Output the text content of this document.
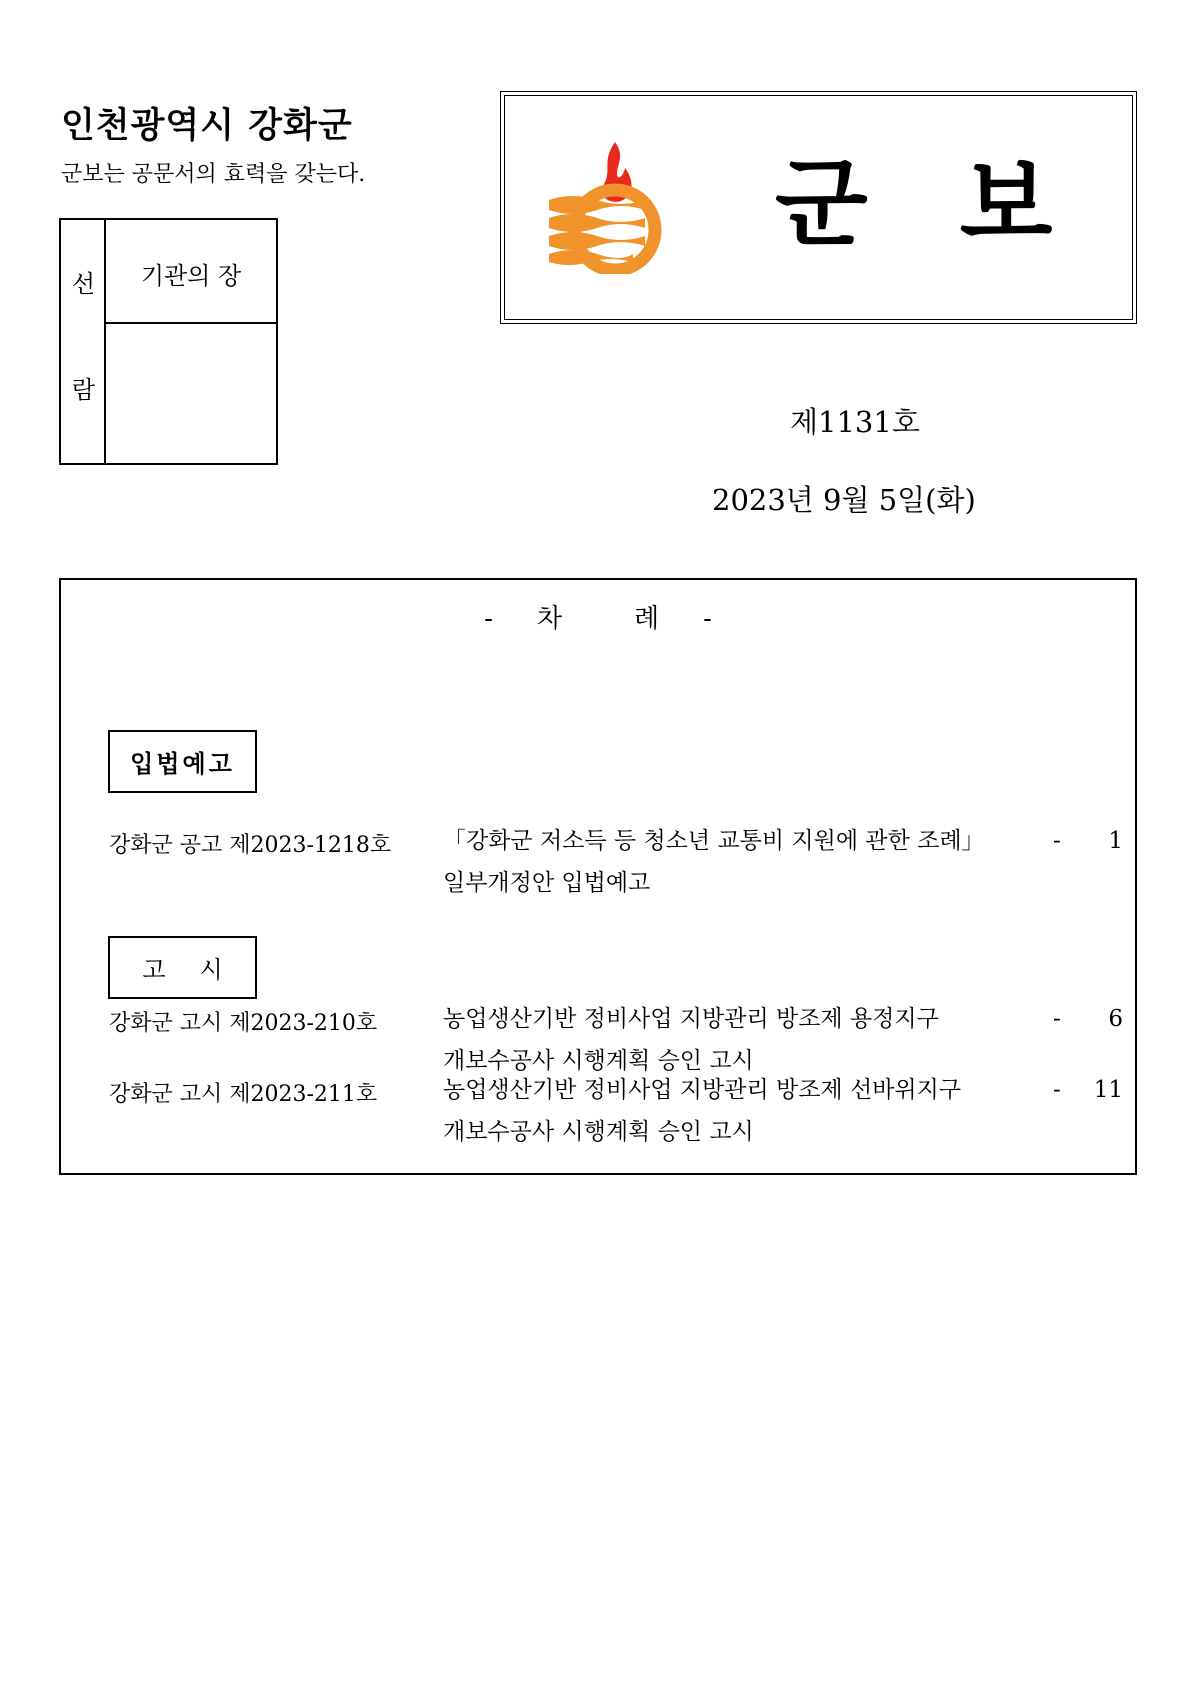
인천광역시 강화군
군보는 공문서의 효력을 갖는다.
선
람
기관의 장
군보
제1131호
2023년 9월 5일(화)
- 차	례 -
입법예고
강화군 공고 제2023-1218호 「강화군 저소득 등 청소년 교통비 지원에 관한 조례」
일부개정안 입법예고
- 1
고시
강화군 고시 제2023-210호	농업생산기반 정비사업 지방관리 방조제 용정지구
개보수공사 시행계획 승인 고시
- 6
강화군 고시 제2023-211호	농업생산기반 정비사업 지방관리 방조제 선바위지구
개보수공사 시행계획 승인 고시
- 11
